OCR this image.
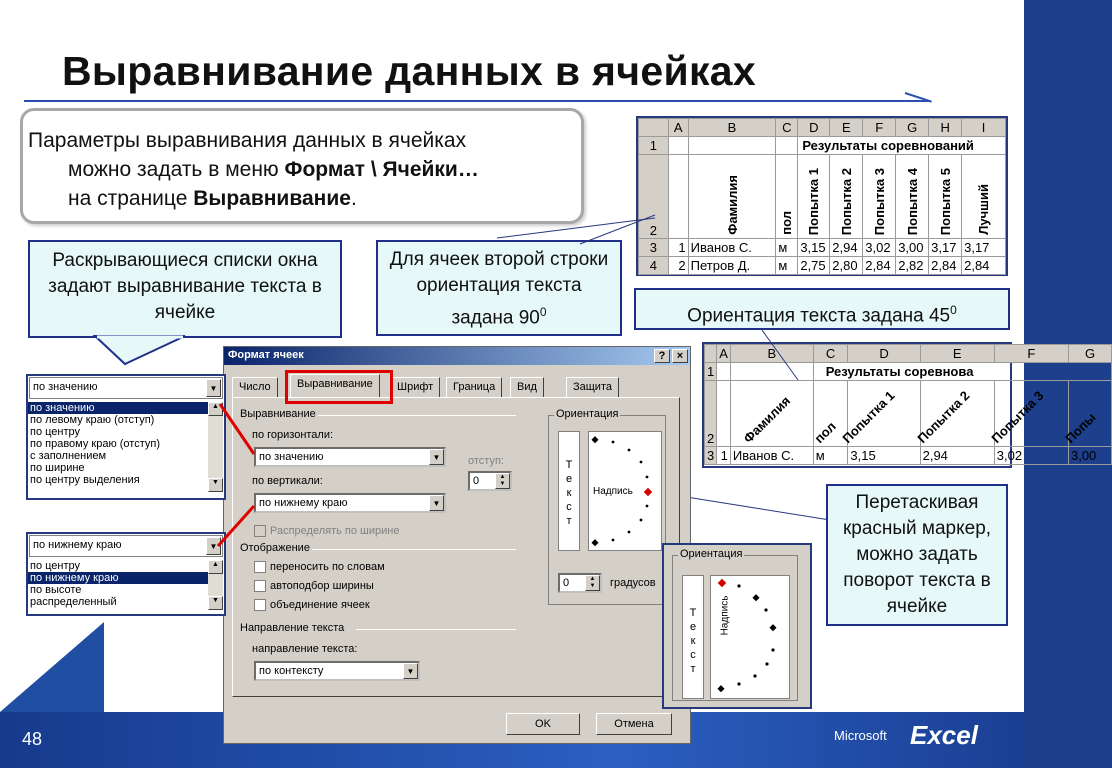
Выравнивание данных в ячейках
Параметры выравнивания данных в ячейках
можно задать в меню Формат \ Ячейки…
на странице Выравнивание.
Раскрывающиеся списки окна задают выравнивание текста в ячейке
Для ячеек второй строки ориентация текста задана $90^0$
	A	B	C	D	E	F	G	H	I
1				Результаты соревнований					
2		Фамилия	пол	Попытка 1	Попытка 2	Попытка 3	Попытка 4	Попытка 5	Лучший
3	1	Иванов С.	м	3,15	2,94	3,02	3,00	3,17	3,17
4	2	Петров Д.	м	2,75	2,80	2,84	2,82	2,84	2,84
Ориентация текста задана $45^0$
	A	B	C	D	E	F	G
1			Результаты соревнова				
2		Фамилия	пол	Попытка 1	Попытка 2	Попытка 3	Попы
3	1	Иванов С.	м	3,15	2,94	3,02	3,00
Формат ячеек	?	×
Число	Выравнивание	Шрифт	Граница	Вид	Защита
Выравнивание
по горизонтали:
по значению	▼	отступ:
0	▲
▼
по вертикали:
по нижнему краю	▼
Распределять по ширине
Отображение
переносить по словам
автоподбор ширины
объединение ячеек
Направление текста
направление текста:
по контексту	▼
Ориентация
Т
е
к
с
т
Надпись
0	▲
▼	градусов
OK	Отмена
по значению	▼
по значению
по левому краю (отступ)
по центру
по правому краю (отступ)
с заполнением
по ширине
по центру выделения
▲
▼
по нижнему краю	▼
по центру
по нижнему краю
по высоте
распределенный
▲
▼
Перетаскивая красный маркер, можно задать поворот текста в ячейке
Ориентация
Т
е
к
с
т
Надпись
48	Microsoft Excel
